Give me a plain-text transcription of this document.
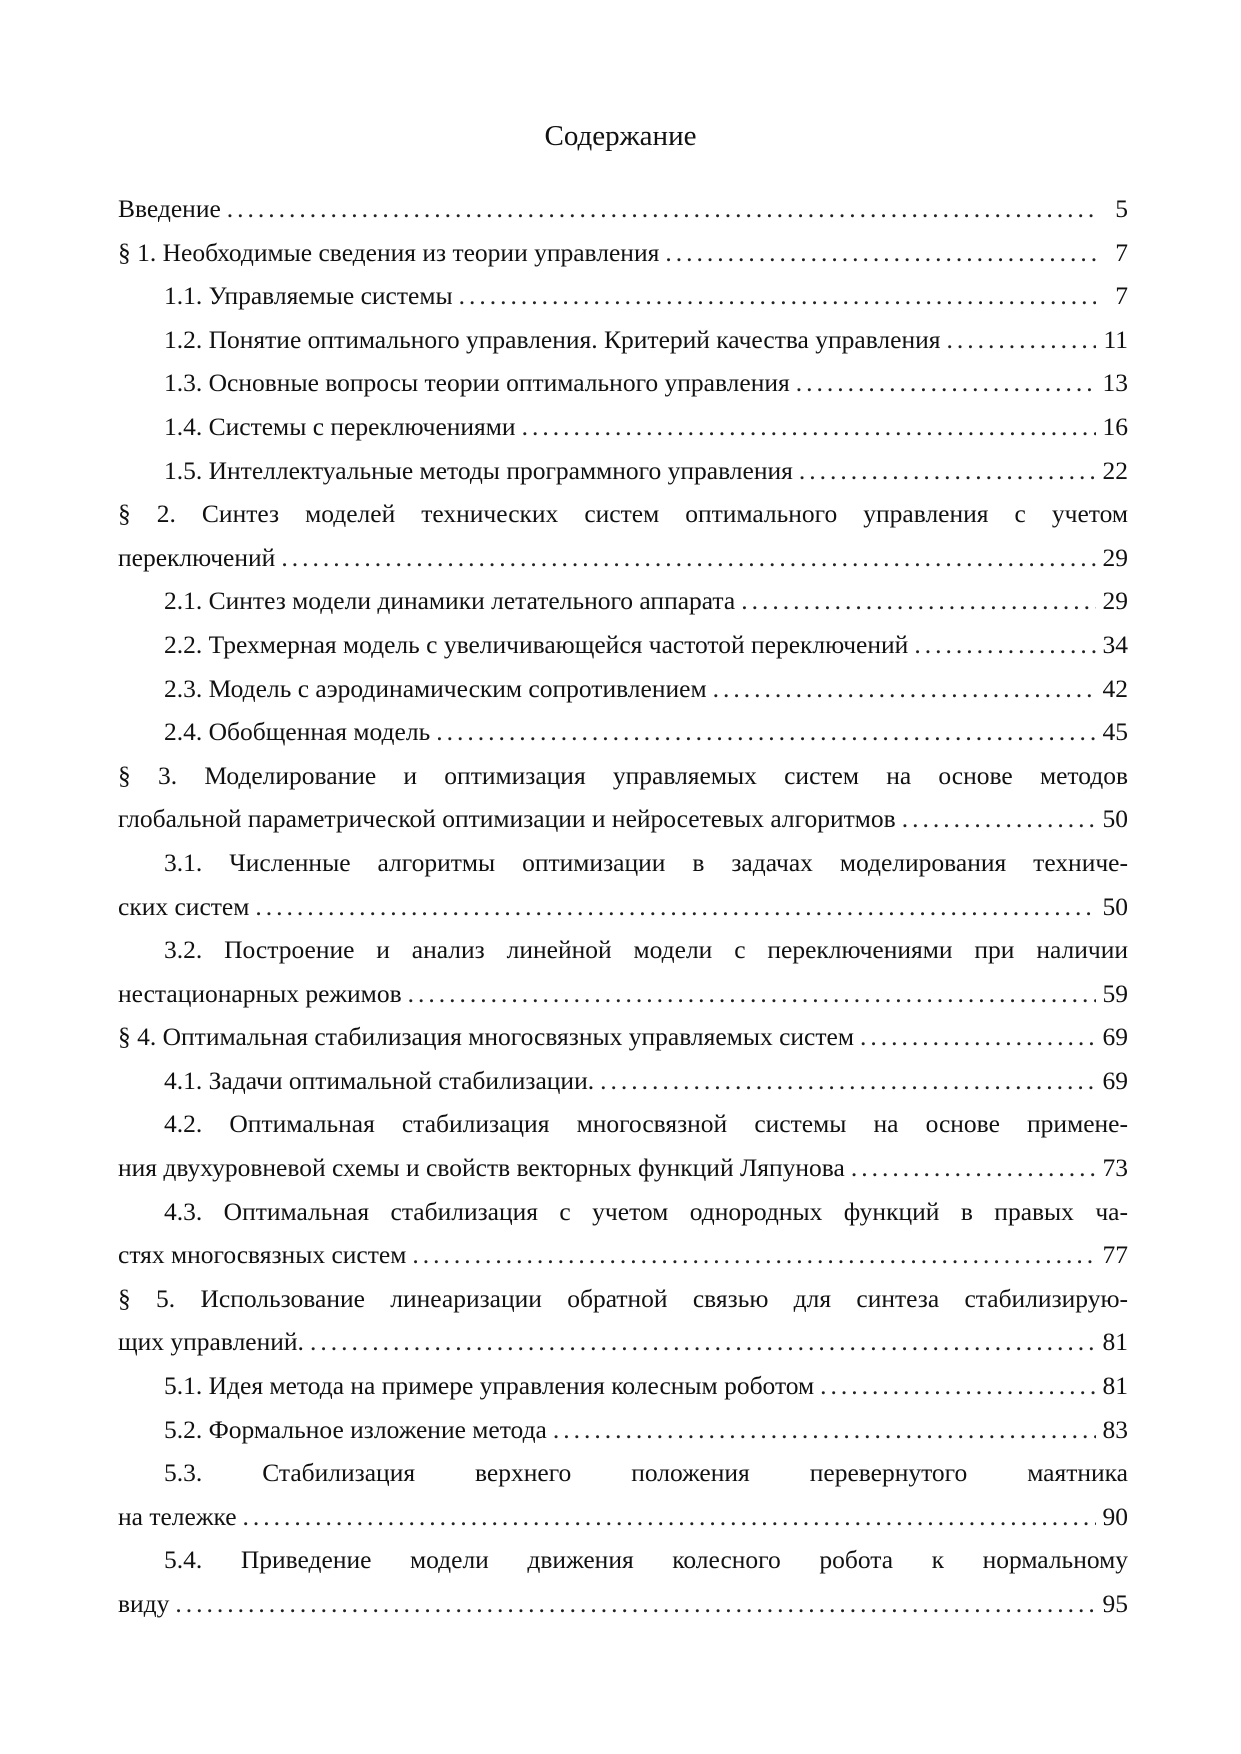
Содержание
Введение .....	5
§ 1. Необходимые сведения из теории управления .....	7
1.1. Управляемые системы .....	7
1.2. Понятие оптимального управления. Критерий качества управления .....	11
1.3. Основные вопросы теории оптимального управления .....	13
1.4. Системы с переключениями .....	16
1.5. Интеллектуальные методы программного управления .....	22
§ 2. Синтез моделей технических систем оптимального управления с учетом
переключений .....	29
2.1. Синтез модели динамики летательного аппарата .....	29
2.2. Трехмерная модель с увеличивающейся частотой переключений .....	34
2.3. Модель с аэродинамическим сопротивлением .....	42
2.4. Обобщенная модель .....	45
§ 3. Моделирование и оптимизация управляемых систем на основе методов
глобальной параметрической оптимизации и нейросетевых алгоритмов .....	50
3.1. Численные алгоритмы оптимизации в задачах моделирования техниче-
ских систем .....	50
3.2. Построение и анализ линейной модели с переключениями при наличии
нестационарных режимов .....	59
§ 4. Оптимальная стабилизация многосвязных управляемых систем .....	69
4.1. Задачи оптимальной стабилизации. .....	69
4.2. Оптимальная стабилизация многосвязной системы на основе примене-
ния двухуровневой схемы и свойств векторных функций Ляпунова .....	73
4.3. Оптимальная стабилизация с учетом однородных функций в правых ча-
стях многосвязных систем .....	77
§ 5. Использование линеаризации обратной связью для синтеза стабилизирую-
щих управлений. .....	81
5.1. Идея метода на примере управления колесным роботом .....	81
5.2. Формальное изложение метода .....	83
5.3. Стабилизация верхнего положения перевернутого маятника
на тележке .....	90
5.4. Приведение модели движения колесного робота к нормальному
виду .....	95
